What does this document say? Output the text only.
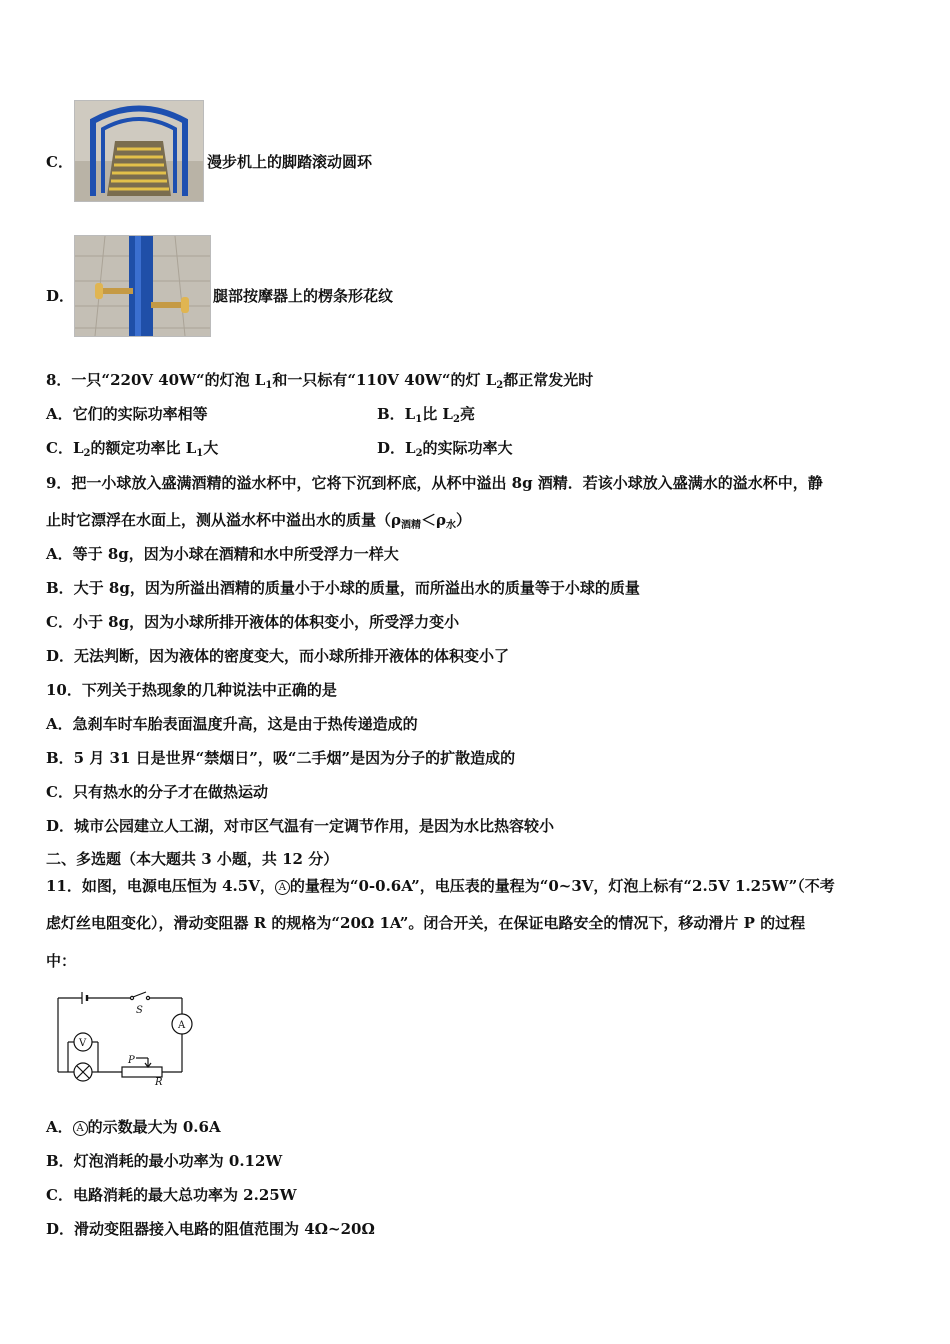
C．	漫步机上的脚踏滚动圆环
D．	腿部按摩器上的楞条形花纹
8．一只“220V 40W“的灯泡 $L_1$和一只标有“110V 40W“的灯 $L_2$都正常发光时
A．它们的实际功率相等	B．$L_1$比 $L_2$亮
C．$L_2$的额定功率比 $L_1$大	D．$L_2$的实际功率大
9．把一小球放入盛满酒精的溢水杯中，它将下沉到杯底，从杯中溢出 8g 酒精．若该小球放入盛满水的溢水杯中，静
止时它漂浮在水面上，测从溢水杯中溢出水的质量$(\rho_{酒精}<\rho_水)$
A．等于 8g，因为小球在酒精和水中所受浮力一样大
B．大于 8g，因为所溢出酒精的质量小于小球的质量，而所溢出水的质量等于小球的质量
C．小于 8g，因为小球所排开液体的体积变小，所受浮力变小
D．无法判断，因为液体的密度变大，而小球所排开液体的体积变小了
10．下列关于热现象的几种说法中正确的是
A．急刹车时车胎表面温度升高，这是由于热传递造成的
B．5 月 31 日是世界“禁烟日”，吸“二手烟”是因为分子的扩散造成的
C．只有热水的分子才在做热运动
D．城市公园建立人工湖，对市区气温有一定调节作用，是因为水比热容较小
二、多选题（本大题共 3 小题，共 12 分）
11．如图，电源电压恒为 4.5V， A 的量程为“0-0.6A”，电压表的量程为“0~3V，灯泡上标有“2.5V 1.25W”（不考
虑灯丝电阻变化），滑动变阻器 R 的规格为“20Ω 1A”。闭合开关，在保证电路安全的情况下，移动滑片 P 的过程
中：
S
A
V
P
R
A． A 的示数最大为 0.6A
B．灯泡消耗的最小功率为 0.12W
C．电路消耗的最大总功率为 2.25W
D．滑动变阻器接入电路的阻值范围为 4Ω~20Ω
